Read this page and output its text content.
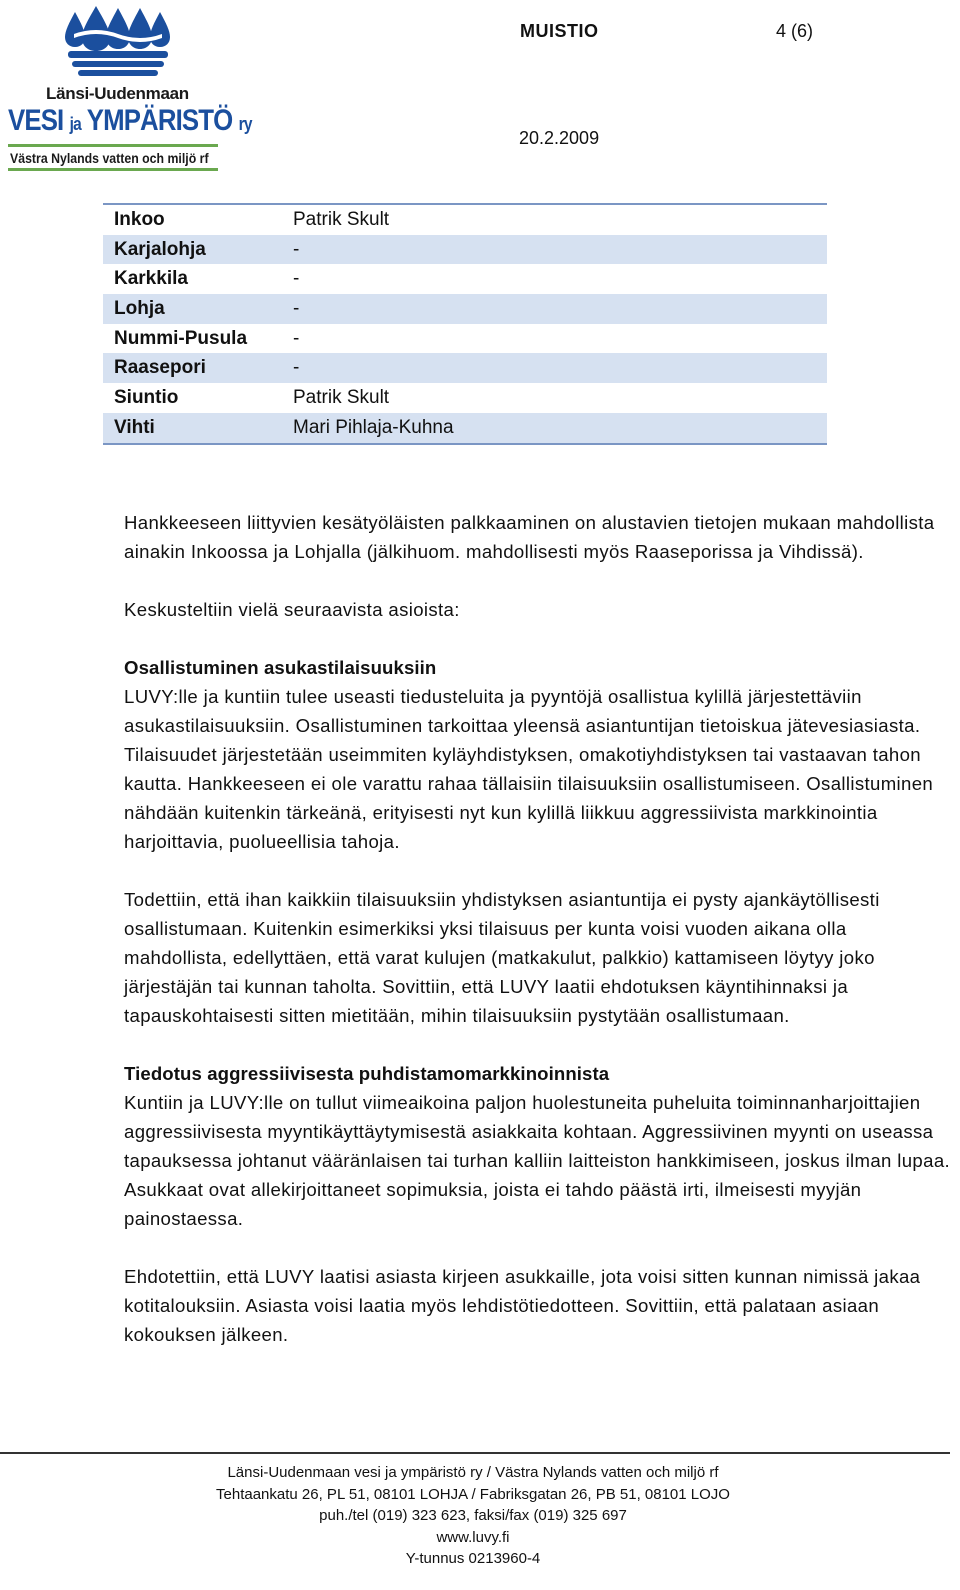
Länsi-Uudenmaan
VESI ja YMPÄRISTÖ ry
Västra Nylands vatten och miljö rf
MUISTIO	4 (6)
20.2.2009
Inkoo	Patrik Skult
Karjalohja	-
Karkkila	-
Lohja	-
Nummi-Pusula	-
Raasepori	-
Siuntio	Patrik Skult
Vihti	Mari Pihlaja-Kuhna

Hankkeeseen liittyvien kesätyöläisten palkkaaminen on alustavien tietojen mukaan mahdollista ainakin Inkoossa ja Lohjalla (jälkihuom. mahdollisesti myös Raaseporissa ja Vihdissä).

Keskusteltiin vielä seuraavista asioista:

Osallistuminen asukastilaisuuksiin

LUVY:lle ja kuntiin tulee useasti tiedusteluita ja pyyntöjä osallistua kylillä järjestettäviin asukastilaisuuksiin. Osallistuminen tarkoittaa yleensä asiantuntijan tietoiskua jätevesiasiasta. Tilaisuudet järjestetään useimmiten kyläyhdistyksen, omakotiyhdistyksen tai vastaavan tahon kautta. Hankkeeseen ei ole varattu rahaa tällaisiin tilaisuuksiin osallistumiseen. Osallistuminen nähdään kuitenkin tärkeänä, erityisesti nyt kun kylillä liikkuu aggressiivista markkinointia harjoittavia, puolueellisia tahoja.

Todettiin, että ihan kaikkiin tilaisuuksiin yhdistyksen asiantuntija ei pysty ajankäytöllisesti osallistumaan. Kuitenkin esimerkiksi yksi tilaisuus per kunta voisi vuoden aikana olla mahdollista, edellyttäen, että varat kulujen (matkakulut, palkkio) kattamiseen löytyy joko järjestäjän tai kunnan taholta. Sovittiin, että LUVY laatii ehdotuksen käyntihinnaksi ja tapauskohtaisesti sitten mietitään, mihin tilaisuuksiin pystytään osallistumaan.

Tiedotus aggressiivisesta puhdistamomarkkinoinnista

Kuntiin ja LUVY:lle on tullut viimeaikoina paljon huolestuneita puheluita toiminnanharjoittajien aggressiivisesta myyntikäyttäytymisestä asiakkaita kohtaan. Aggressiivinen myynti on useassa tapauksessa johtanut vääränlaisen tai turhan kalliin laitteiston hankkimiseen, joskus ilman lupaa. Asukkaat ovat allekirjoittaneet sopimuksia, joista ei tahdo päästä irti, ilmeisesti myyjän painostaessa.

Ehdotettiin, että LUVY laatisi asiasta kirjeen asukkaille, jota voisi sitten kunnan nimissä jakaa kotitalouksiin. Asiasta voisi laatia myös lehdistötiedotteen. Sovittiin, että palataan asiaan kokouksen jälkeen.

Länsi-Uudenmaan vesi ja ympäristö ry / Västra Nylands vatten och miljö rf
Tehtaankatu 26, PL 51, 08101 LOHJA / Fabriksgatan 26, PB 51, 08101 LOJO
puh./tel (019) 323 623, faksi/fax (019) 325 697
www.luvy.fi
Y-tunnus 0213960-4
